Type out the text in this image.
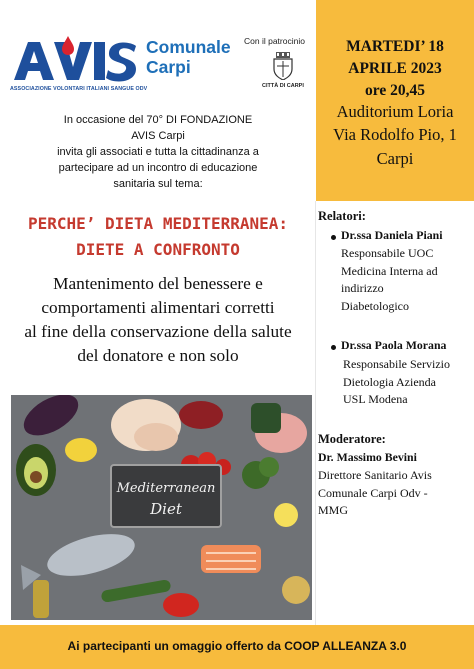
MARTEDI’ 18
APRILE 2023
ore 20,45
Auditorium Loria
Via Rodolfo Pio, 1
Carpi
ASSOCIAZIONE VOLONTARI ITALIANI SANGUE ODV
Comunale
Carpi
Con il patrocinio
CITTÀ DI CARPI
In occasione del 70° DI FONDAZIONE
AVIS Carpi
invita gli associati e tutta la cittadinanza a
partecipare ad un incontro di educazione
sanitaria sul tema:
PERCHE’ DIETA MEDITERRANEA:
DIETE A CONFRONTO
Mantenimento del benessere e
comportamenti alimentari corretti
al fine della conservazione della salute
del donatore e non solo
Mediterranean
Diet
Relatori:
Dr.ssa Daniela Piani
Responsabile UOC
Medicina Interna ad
indirizzo
Diabetologico
Dr.ssa Paola Morana
Responsabile Servizio
Dietologia Azienda
USL Modena
Moderatore:
Dr. Massimo Bevini
Direttore Sanitario Avis
Comunale Carpi Odv -
MMG
Ai partecipanti un omaggio offerto da COOP ALLEANZA 3.0
